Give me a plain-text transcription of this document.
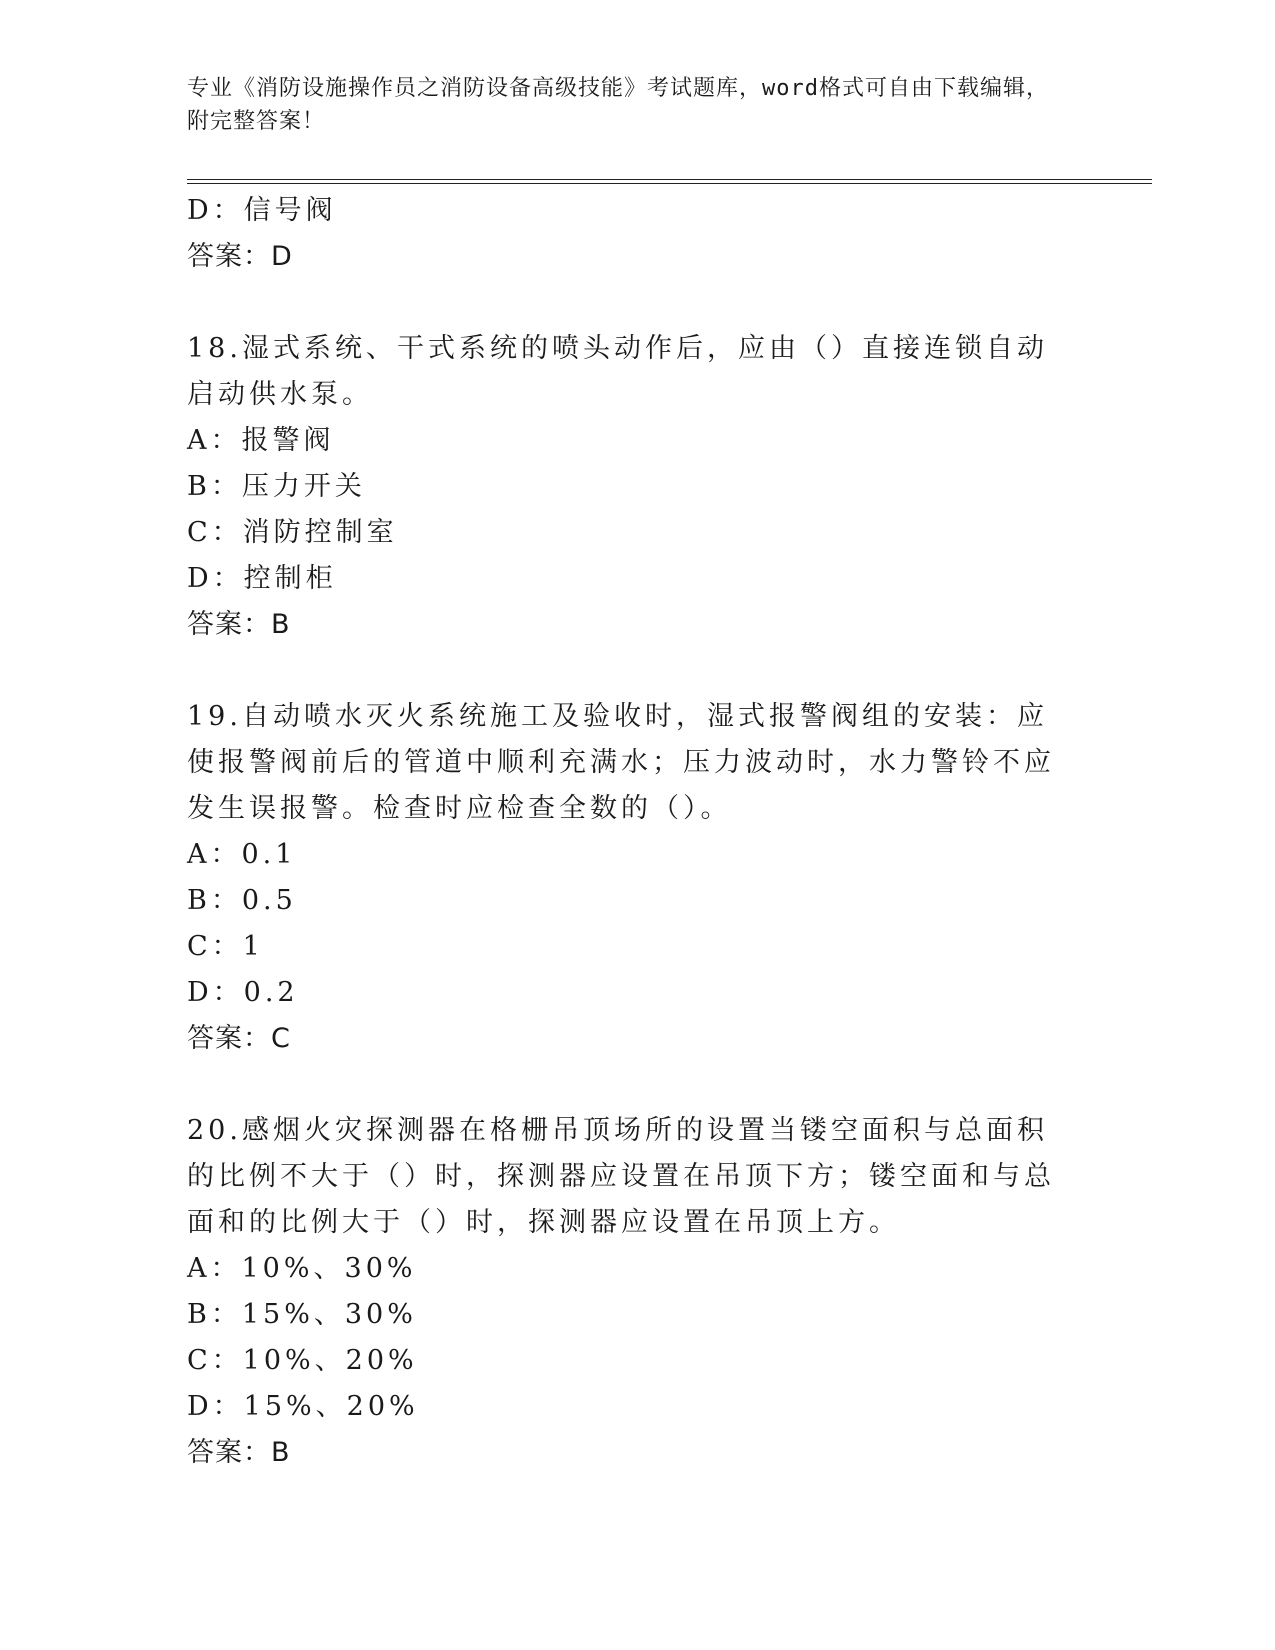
专业《消防设施操作员之消防设备高级技能》考试题库，word格式可自由下载编辑，附完整答案！
D：信号阀
答案：D
18.湿式系统、干式系统的喷头动作后，应由（）直接连锁自动启动供水泵。
A：报警阀
B：压力开关
C：消防控制室
D：控制柜
答案：B
19.自动喷水灭火系统施工及验收时，湿式报警阀组的安装：应使报警阀前后的管道中顺利充满水；压力波动时，水力警铃不应发生误报警。检查时应检查全数的（）。
A：0.1
B：0.5
C：1
D：0.2
答案：C
20.感烟火灾探测器在格栅吊顶场所的设置当镂空面积与总面积的比例不大于（）时，探测器应设置在吊顶下方；镂空面和与总面和的比例大于（）时，探测器应设置在吊顶上方。
A：10%、30%
B：15%、30%
C：10%、20%
D：15%、20%
答案：B
